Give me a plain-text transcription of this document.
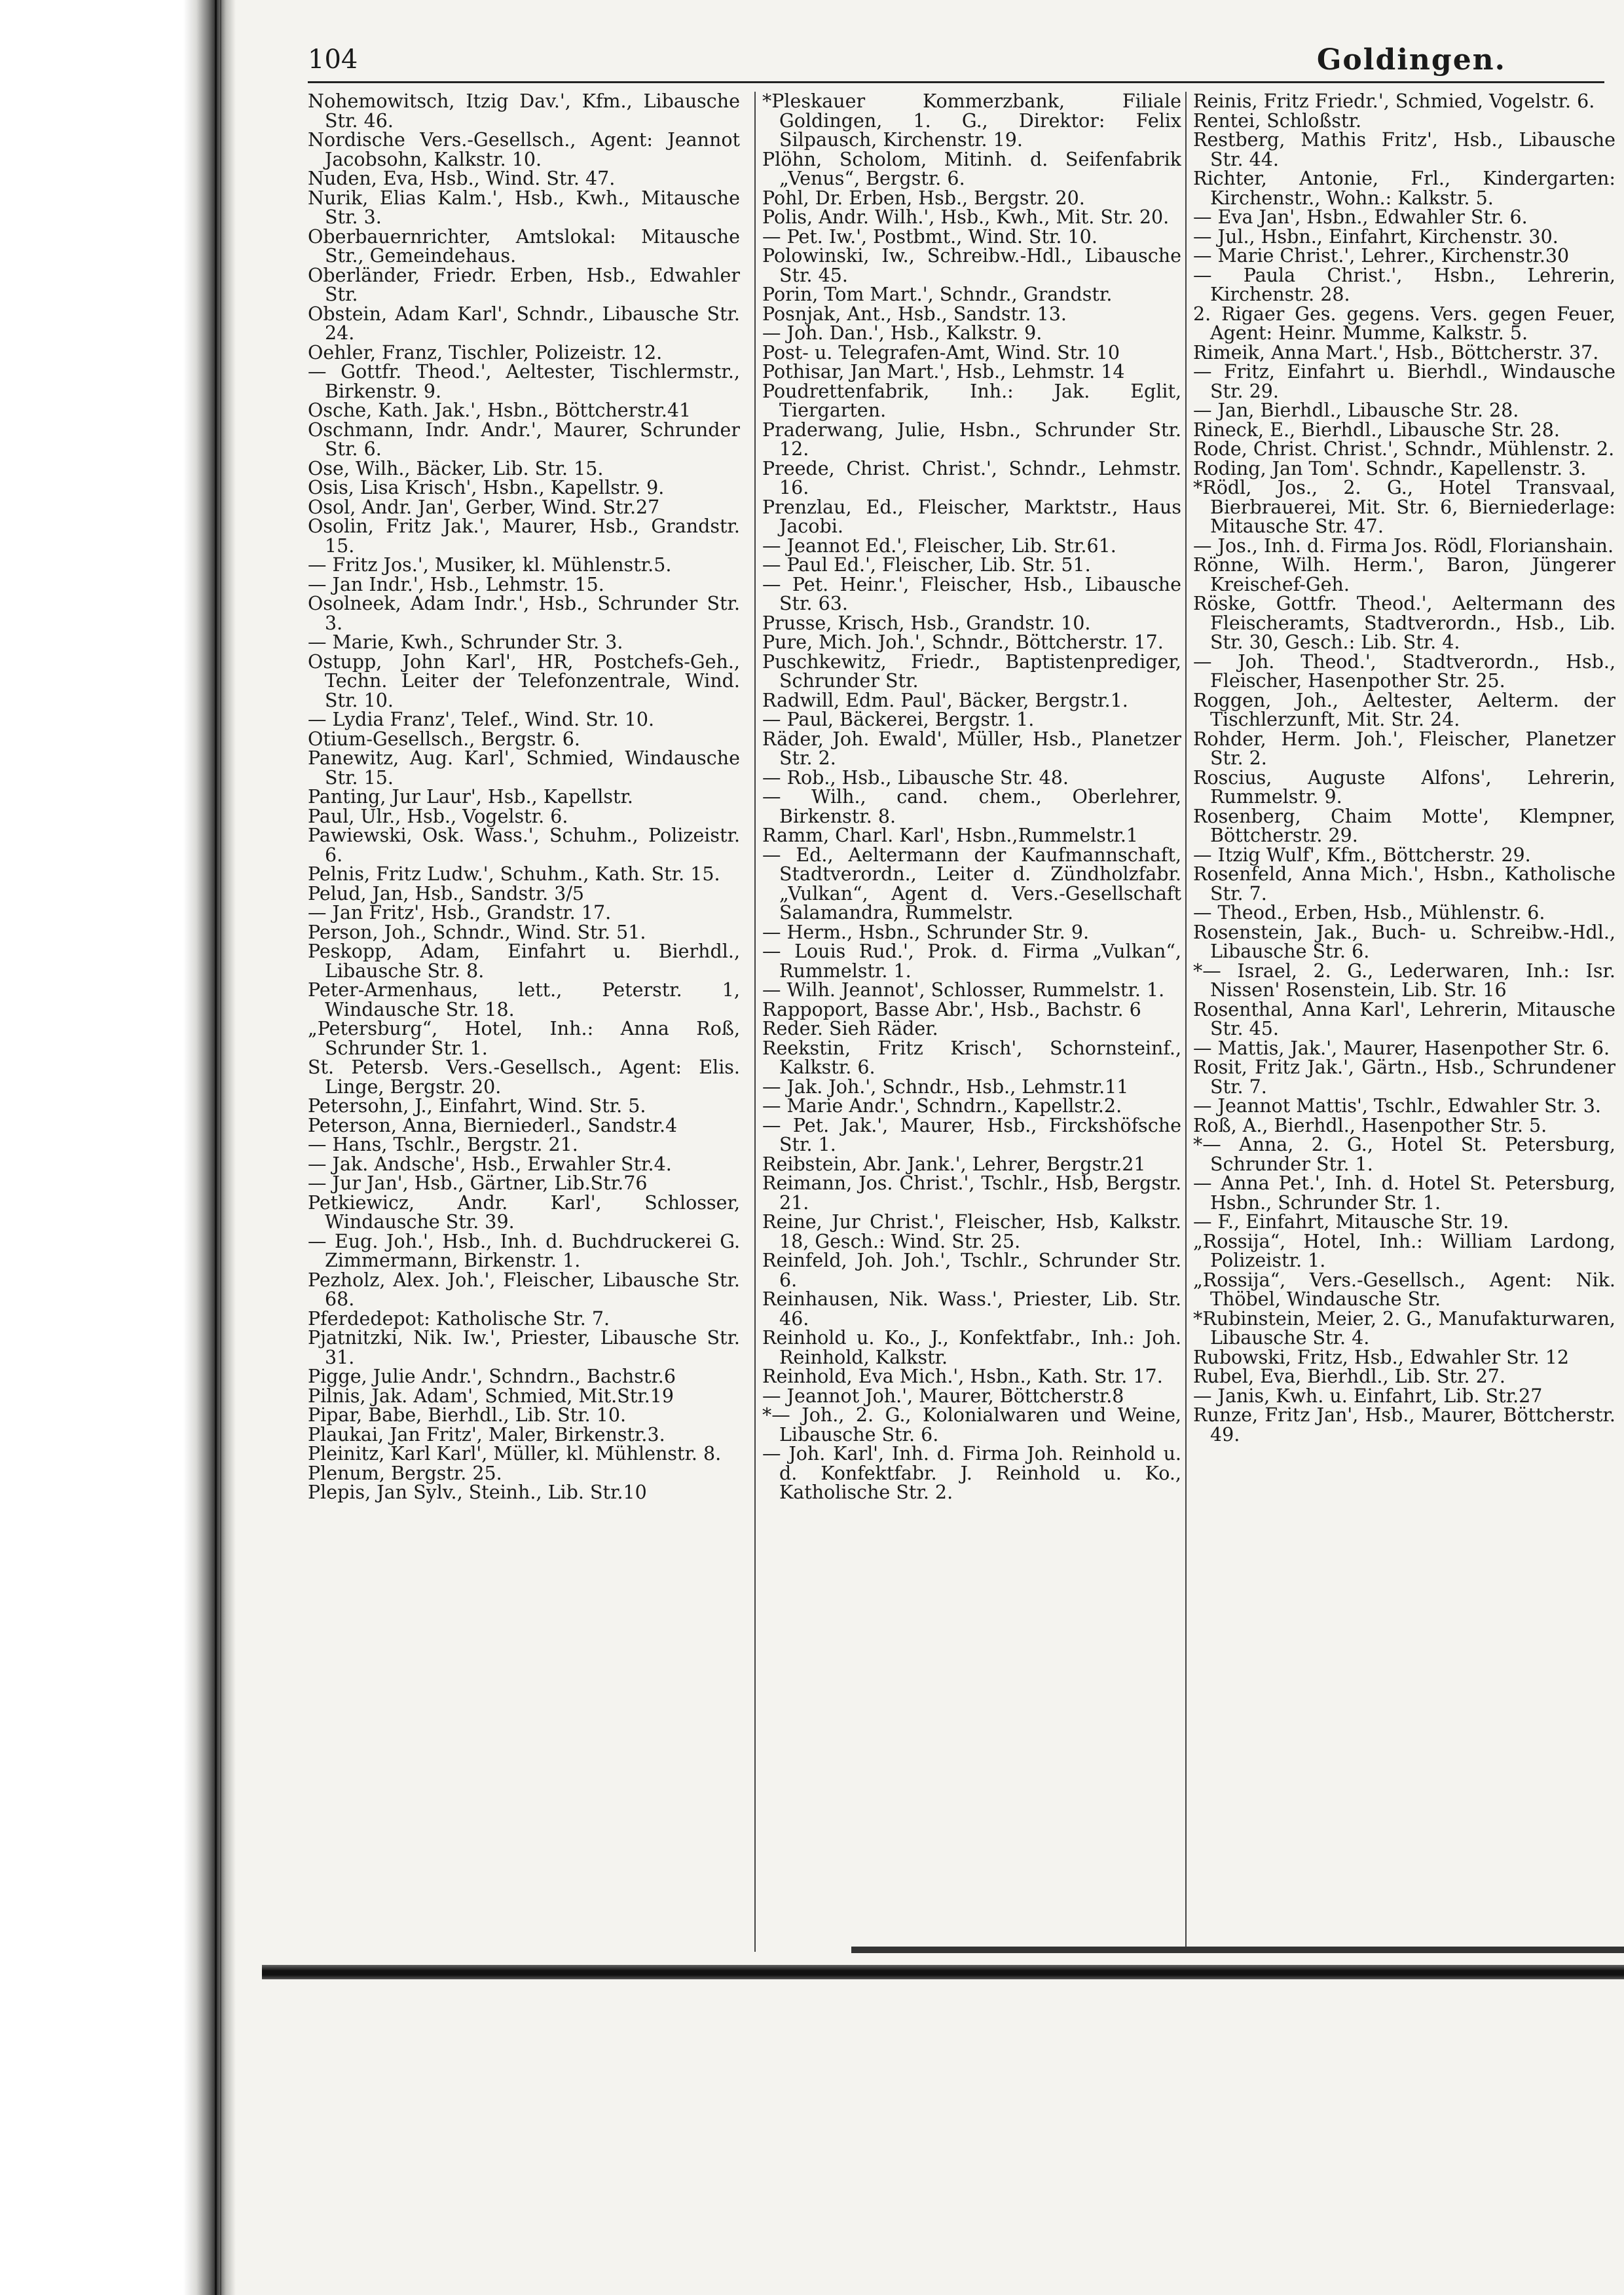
104	Goldingen.

Nohemowitsch, Itzig Dav.', Kfm., Libausche Str. 46.

Nordische Vers.-Gesellsch., Agent: Jeannot Jacobsohn, Kalkstr. 10.

Nuden, Eva, Hsb., Wind. Str. 47.

Nurik, Elias Kalm.', Hsb., Kwh., Mitausche Str. 3.

Oberbauernrichter, Amtslokal: Mitausche Str., Gemeindehaus.

Oberländer, Friedr. Erben, Hsb., Edwahler Str.

Obstein, Adam Karl', Schndr., Libausche Str. 24.

Oehler, Franz, Tischler, Polizeistr. 12.

— Gottfr. Theod.', Aeltester, Tischlermstr., Birkenstr. 9.

Osche, Kath. Jak.', Hsbn., Böttcherstr.41

Oschmann, Indr. Andr.', Maurer, Schrunder Str. 6.

Ose, Wilh., Bäcker, Lib. Str. 15.

Osis, Lisa Krisch', Hsbn., Kapellstr. 9.

Osol, Andr. Jan', Gerber, Wind. Str.27

Osolin, Fritz Jak.', Maurer, Hsb., Grandstr. 15.

— Fritz Jos.', Musiker, kl. Mühlenstr.5.

— Jan Indr.', Hsb., Lehmstr. 15.

Osolneek, Adam Indr.', Hsb., Schrunder Str. 3.

— Marie, Kwh., Schrunder Str. 3.

Ostupp, John Karl', HR, Postchefs-Geh., Techn. Leiter der Telefonzentrale, Wind. Str. 10.

— Lydia Franz', Telef., Wind. Str. 10.

Otium-Gesellsch., Bergstr. 6.

Panewitz, Aug. Karl', Schmied, Windausche Str. 15.

Panting, Jur Laur', Hsb., Kapellstr.

Paul, Ulr., Hsb., Vogelstr. 6.

Pawiewski, Osk. Wass.', Schuhm., Polizeistr. 6.

Pelnis, Fritz Ludw.', Schuhm., Kath. Str. 15.

Pelud, Jan, Hsb., Sandstr. 3/5

— Jan Fritz', Hsb., Grandstr. 17.

Person, Joh., Schndr., Wind. Str. 51.

Peskopp, Adam, Einfahrt u. Bierhdl., Libausche Str. 8.

Peter-Armenhaus, lett., Peterstr. 1, Windausche Str. 18.

„Petersburg“, Hotel, Inh.: Anna Roß, Schrunder Str. 1.

St. Petersb. Vers.-Gesellsch., Agent: Elis. Linge, Bergstr. 20.

Petersohn, J., Einfahrt, Wind. Str. 5.

Peterson, Anna, Bierniederl., Sandstr.4

— Hans, Tschlr., Bergstr. 21.

— Jak. Andsche', Hsb., Erwahler Str.4.

— Jur Jan', Hsb., Gärtner, Lib.Str.76

Petkiewicz, Andr. Karl', Schlosser, Windausche Str. 39.

— Eug. Joh.', Hsb., Inh. d. Buchdruckerei G. Zimmermann, Birkenstr. 1.

Pezholz, Alex. Joh.', Fleischer, Libausche Str. 68.

Pferdedepot: Katholische Str. 7.

Pjatnitzki, Nik. Iw.', Priester, Libausche Str. 31.

Pigge, Julie Andr.', Schndrn., Bachstr.6

Pilnis, Jak. Adam', Schmied, Mit.Str.19

Pipar, Babe, Bierhdl., Lib. Str. 10.

Plaukai, Jan Fritz', Maler, Birkenstr.3.

Pleinitz, Karl Karl', Müller, kl. Mühlenstr. 8.

Plenum, Bergstr. 25.

Plepis, Jan Sylv., Steinh., Lib. Str.10

*Pleskauer Kommerzbank, Filiale Goldingen, 1. G., Direktor: Felix Silpausch, Kirchenstr. 19.

Plöhn, Scholom, Mitinh. d. Seifenfabrik „Venus“, Bergstr. 6.

Pohl, Dr. Erben, Hsb., Bergstr. 20.

Polis, Andr. Wilh.', Hsb., Kwh., Mit. Str. 20.

— Pet. Iw.', Postbmt., Wind. Str. 10.

Polowinski, Iw., Schreibw.-Hdl., Libausche Str. 45.

Porin, Tom Mart.', Schndr., Grandstr.

Posnjak, Ant., Hsb., Sandstr. 13.

— Joh. Dan.', Hsb., Kalkstr. 9.

Post- u. Telegrafen-Amt, Wind. Str. 10

Pothisar, Jan Mart.', Hsb., Lehmstr. 14

Poudrettenfabrik, Inh.: Jak. Eglit, Tiergarten.

Praderwang, Julie, Hsbn., Schrunder Str. 12.

Preede, Christ. Christ.', Schndr., Lehmstr. 16.

Prenzlau, Ed., Fleischer, Marktstr., Haus Jacobi.

— Jeannot Ed.', Fleischer, Lib. Str.61.

— Paul Ed.', Fleischer, Lib. Str. 51.

— Pet. Heinr.', Fleischer, Hsb., Libausche Str. 63.

Prusse, Krisch, Hsb., Grandstr. 10.

Pure, Mich. Joh.', Schndr., Böttcherstr. 17.

Puschkewitz, Friedr., Baptistenprediger, Schrunder Str.

Radwill, Edm. Paul', Bäcker, Bergstr.1.

— Paul, Bäckerei, Bergstr. 1.

Räder, Joh. Ewald', Müller, Hsb., Planetzer Str. 2.

— Rob., Hsb., Libausche Str. 48.

— Wilh., cand. chem., Oberlehrer, Birkenstr. 8.

Ramm, Charl. Karl', Hsbn.,Rummelstr.1

— Ed., Aeltermann der Kaufmannschaft, Stadtverordn., Leiter d. Zündholzfabr. „Vulkan“, Agent d. Vers.-Gesellschaft Salamandra, Rummelstr.

— Herm., Hsbn., Schrunder Str. 9.

— Louis Rud.', Prok. d. Firma „Vulkan“, Rummelstr. 1.

— Wilh. Jeannot', Schlosser, Rummelstr. 1.

Rappoport, Basse Abr.', Hsb., Bachstr. 6

Reder. Sieh Räder.

Reekstin, Fritz Krisch', Schornsteinf., Kalkstr. 6.

— Jak. Joh.', Schndr., Hsb., Lehmstr.11

— Marie Andr.', Schndrn., Kapellstr.2.

— Pet. Jak.', Maurer, Hsb., Firckshöfsche Str. 1.

Reibstein, Abr. Jank.', Lehrer, Bergstr.21

Reimann, Jos. Christ.', Tschlr., Hsb, Bergstr. 21.

Reine, Jur Christ.', Fleischer, Hsb, Kalkstr. 18, Gesch.: Wind. Str. 25.

Reinfeld, Joh. Joh.', Tschlr., Schrunder Str. 6.

Reinhausen, Nik. Wass.', Priester, Lib. Str. 46.

Reinhold u. Ko., J., Konfektfabr., Inh.: Joh. Reinhold, Kalkstr.

Reinhold, Eva Mich.', Hsbn., Kath. Str. 17.

— Jeannot Joh.', Maurer, Böttcherstr.8

*— Joh., 2. G., Kolonialwaren und Weine, Libausche Str. 6.

— Joh. Karl', Inh. d. Firma Joh. Reinhold u. d. Konfektfabr. J. Reinhold u. Ko., Katholische Str. 2.

Reinis, Fritz Friedr.', Schmied, Vogelstr. 6.

Rentei, Schloßstr.

Restberg, Mathis Fritz', Hsb., Libausche Str. 44.

Richter, Antonie, Frl., Kindergarten: Kirchenstr., Wohn.: Kalkstr. 5.

— Eva Jan', Hsbn., Edwahler Str. 6.

— Jul., Hsbn., Einfahrt, Kirchenstr. 30.

— Marie Christ.', Lehrer., Kirchenstr.30

— Paula Christ.', Hsbn., Lehrerin, Kirchenstr. 28.

2. Rigaer Ges. gegens. Vers. gegen Feuer, Agent: Heinr. Mumme, Kalkstr. 5.

Rimeik, Anna Mart.', Hsb., Böttcherstr. 37.

— Fritz, Einfahrt u. Bierhdl., Windausche Str. 29.

— Jan, Bierhdl., Libausche Str. 28.

Rineck, E., Bierhdl., Libausche Str. 28.

Rode, Christ. Christ.', Schndr., Mühlenstr. 2.

Roding, Jan Tom'. Schndr., Kapellenstr. 3.

*Rödl, Jos., 2. G., Hotel Transvaal, Bierbrauerei, Mit. Str. 6, Bierniederlage: Mitausche Str. 47.

— Jos., Inh. d. Firma Jos. Rödl, Florianshain.

Rönne, Wilh. Herm.', Baron, Jüngerer Kreischef-Geh.

Röske, Gottfr. Theod.', Aeltermann des Fleischeramts, Stadtverordn., Hsb., Lib. Str. 30, Gesch.: Lib. Str. 4.

— Joh. Theod.', Stadtverordn., Hsb., Fleischer, Hasenpother Str. 25.

Roggen, Joh., Aeltester, Aelterm. der Tischlerzunft, Mit. Str. 24.

Rohder, Herm. Joh.', Fleischer, Planetzer Str. 2.

Roscius, Auguste Alfons', Lehrerin, Rummelstr. 9.

Rosenberg, Chaim Motte', Klempner, Böttcherstr. 29.

— Itzig Wulf', Kfm., Böttcherstr. 29.

Rosenfeld, Anna Mich.', Hsbn., Katholische Str. 7.

— Theod., Erben, Hsb., Mühlenstr. 6.

Rosenstein, Jak., Buch- u. Schreibw.-Hdl., Libausche Str. 6.

*— Israel, 2. G., Lederwaren, Inh.: Isr. Nissen' Rosenstein, Lib. Str. 16

Rosenthal, Anna Karl', Lehrerin, Mitausche Str. 45.

— Mattis, Jak.', Maurer, Hasenpother Str. 6.

Rosit, Fritz Jak.', Gärtn., Hsb., Schrundener Str. 7.

— Jeannot Mattis', Tschlr., Edwahler Str. 3.

Roß, A., Bierhdl., Hasenpother Str. 5.

*— Anna, 2. G., Hotel St. Petersburg, Schrunder Str. 1.

— Anna Pet.', Inh. d. Hotel St. Petersburg, Hsbn., Schrunder Str. 1.

— F., Einfahrt, Mitausche Str. 19.

„Rossija“, Hotel, Inh.: William Lardong, Polizeistr. 1.

„Rossija“, Vers.-Gesellsch., Agent: Nik. Thöbel, Windausche Str.

*Rubinstein, Meier, 2. G., Manufakturwaren, Libausche Str. 4.

Rubowski, Fritz, Hsb., Edwahler Str. 12

Rubel, Eva, Bierhdl., Lib. Str. 27.

— Janis, Kwh. u. Einfahrt, Lib. Str.27

Runze, Fritz Jan', Hsb., Maurer, Böttcherstr. 49.
